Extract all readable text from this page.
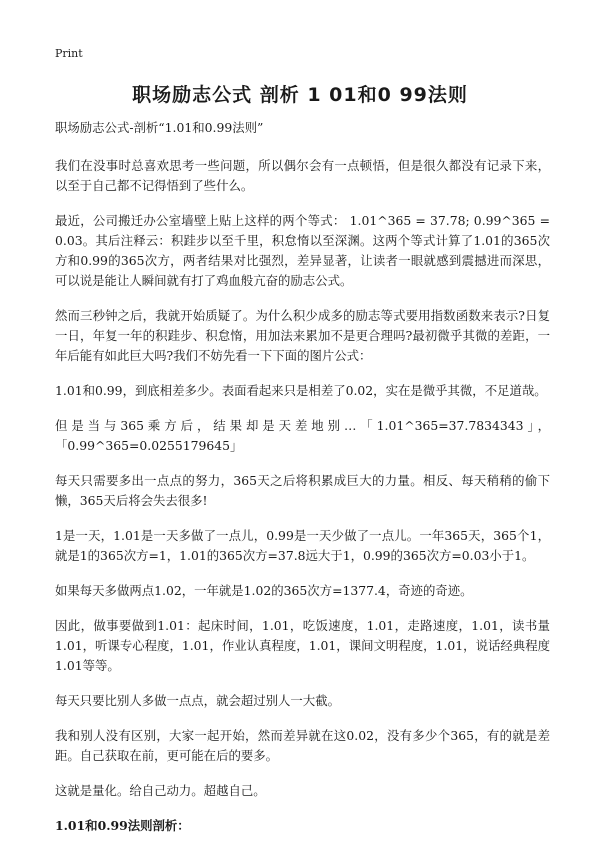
Print
职场励志公式 剖析 1 01和0 99法则

职场励志公式-剖析“1.01和0.99法则”

我们在没事时总喜欢思考一些问题，所以偶尔会有一点顿悟，但是很久都没有记录下来，以至于自己都不记得悟到了些什么。

最近，公司搬迁办公室墙壁上贴上这样的两个等式： 1.01^365 = 37.78; 0.99^365 = 0.03。其后注释云：积跬步以至千里，积怠惰以至深渊。这两个等式计算了1.01的365次方和0.99的365次方，两者结果对比强烈，差异显著，让读者一眼就感到震撼进而深思，可以说是能让人瞬间就有打了鸡血般亢奋的励志公式。

然而三秒钟之后，我就开始质疑了。为什么积少成多的励志等式要用指数函数来表示?日复一日，年复一年的积跬步、积怠惰，用加法来累加不是更合理吗?最初微乎其微的差距，一年后能有如此巨大吗?我们不妨先看一下下面的图片公式：

1.01和0.99，到底相差多少。表面看起来只是相差了0.02，实在是微乎其微，不足道哉。

但是当与365乘方后，结果却是天差地别…「1.01^365=37.7834343」，「0.99^365=0.0255179645」

每天只需要多出一点点的努力，365天之后将积累成巨大的力量。相反、每天稍稍的偷下懒，365天后将会失去很多!

1是一天，1.01是一天多做了一点儿，0.99是一天少做了一点儿。一年365天，365个1，就是1的365次方=1，1.01的365次方=37.8远大于1，0.99的365次方=0.03小于1。

如果每天多做两点1.02，一年就是1.02的365次方=1377.4，奇迹的奇迹。

因此，做事要做到1.01：起床时间，1.01，吃饭速度，1.01，走路速度，1.01，读书量1.01，听课专心程度，1.01，作业认真程度，1.01，课间文明程度，1.01，说话经典程度1.01等等。

每天只要比别人多做一点点，就会超过别人一大截。

我和别人没有区别，大家一起开始，然而差异就在这0.02，没有多少个365，有的就是差距。自己获取在前，更可能在后的要多。

这就是量化。给自己动力。超越自己。

1.01和0.99法则剖析：
